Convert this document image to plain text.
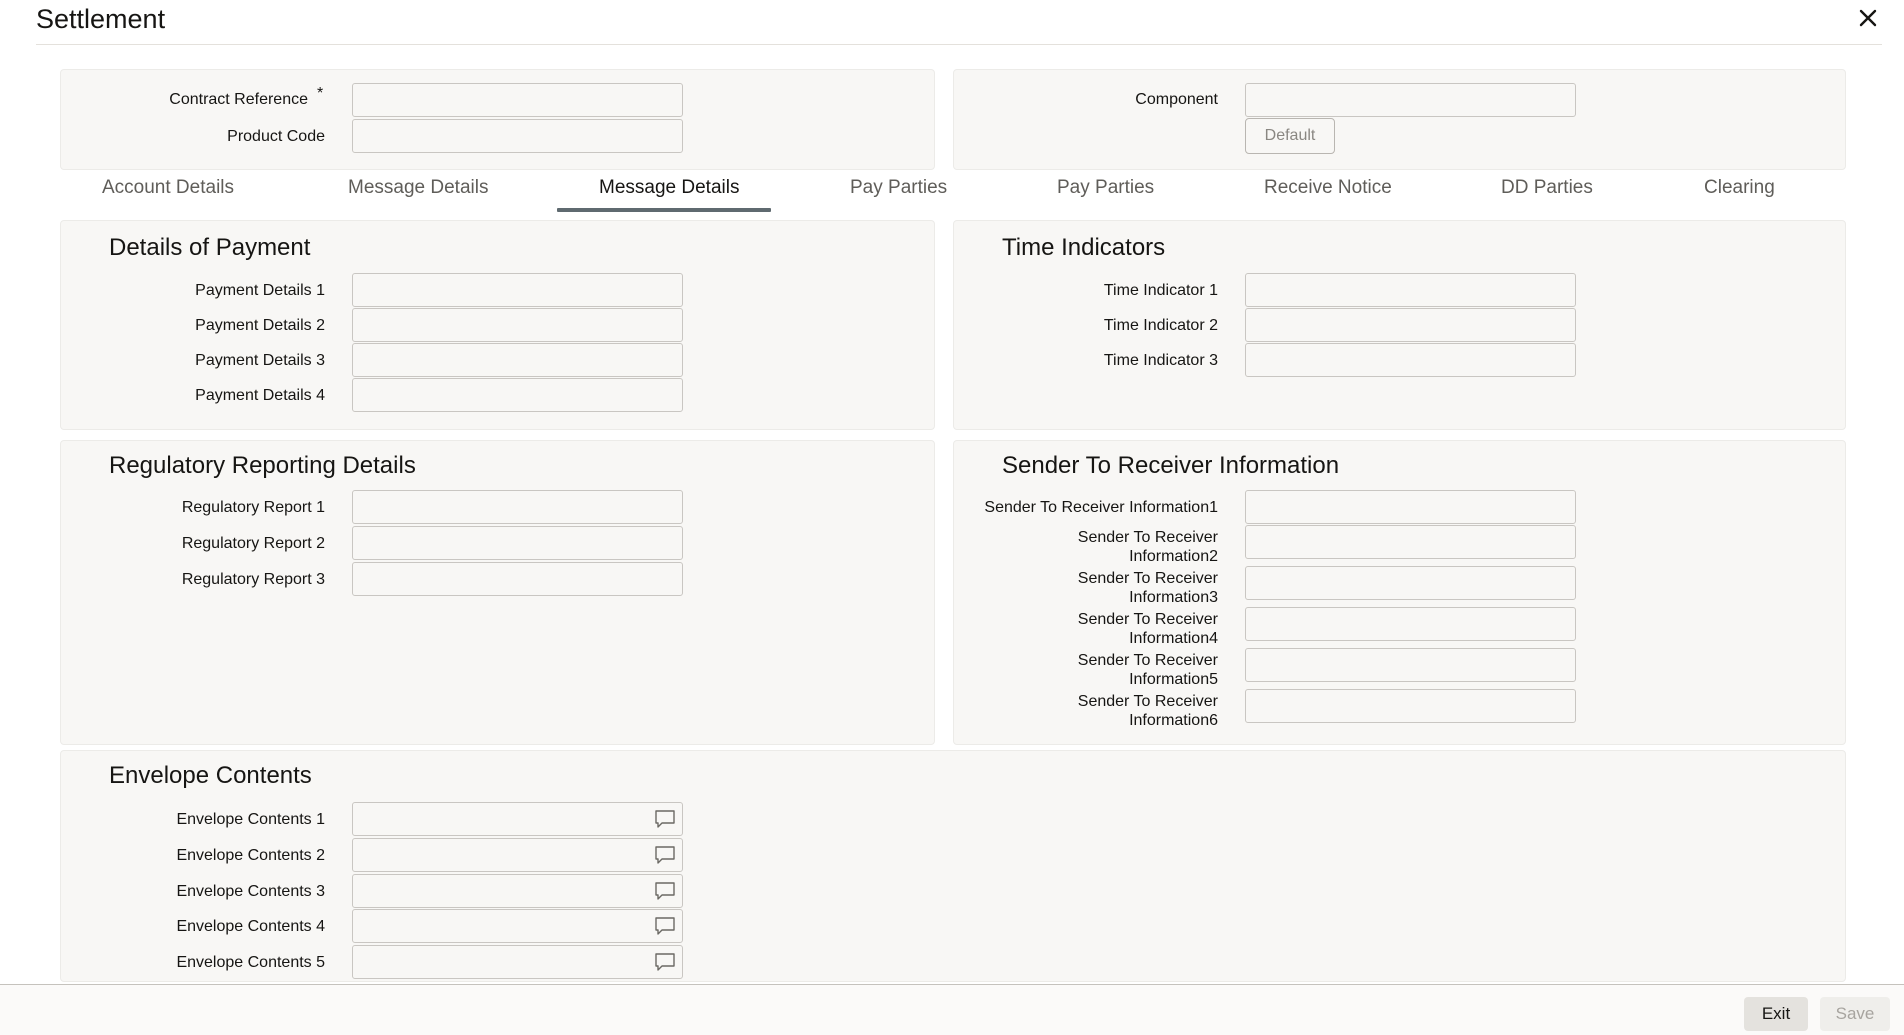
Settlement
Contract Reference *
Product Code
Component
Default
Account Details	Message Details	Message Details	Pay Parties	Pay Parties	Receive Notice	DD Parties	Clearing
Details of Payment
Payment Details 1
Payment Details 2
Payment Details 3
Payment Details 4
Time Indicators
Time Indicator 1
Time Indicator 2
Time Indicator 3
Regulatory Reporting Details
Regulatory Report 1
Regulatory Report 2
Regulatory Report 3
Sender To Receiver Information
Sender To Receiver Information1
Sender To Receiver
Information2
Sender To Receiver
Information3
Sender To Receiver
Information4
Sender To Receiver
Information5
Sender To Receiver
Information6
Envelope Contents
Envelope Contents 1
Envelope Contents 2
Envelope Contents 3
Envelope Contents 4
Envelope Contents 5
Exit	Save
